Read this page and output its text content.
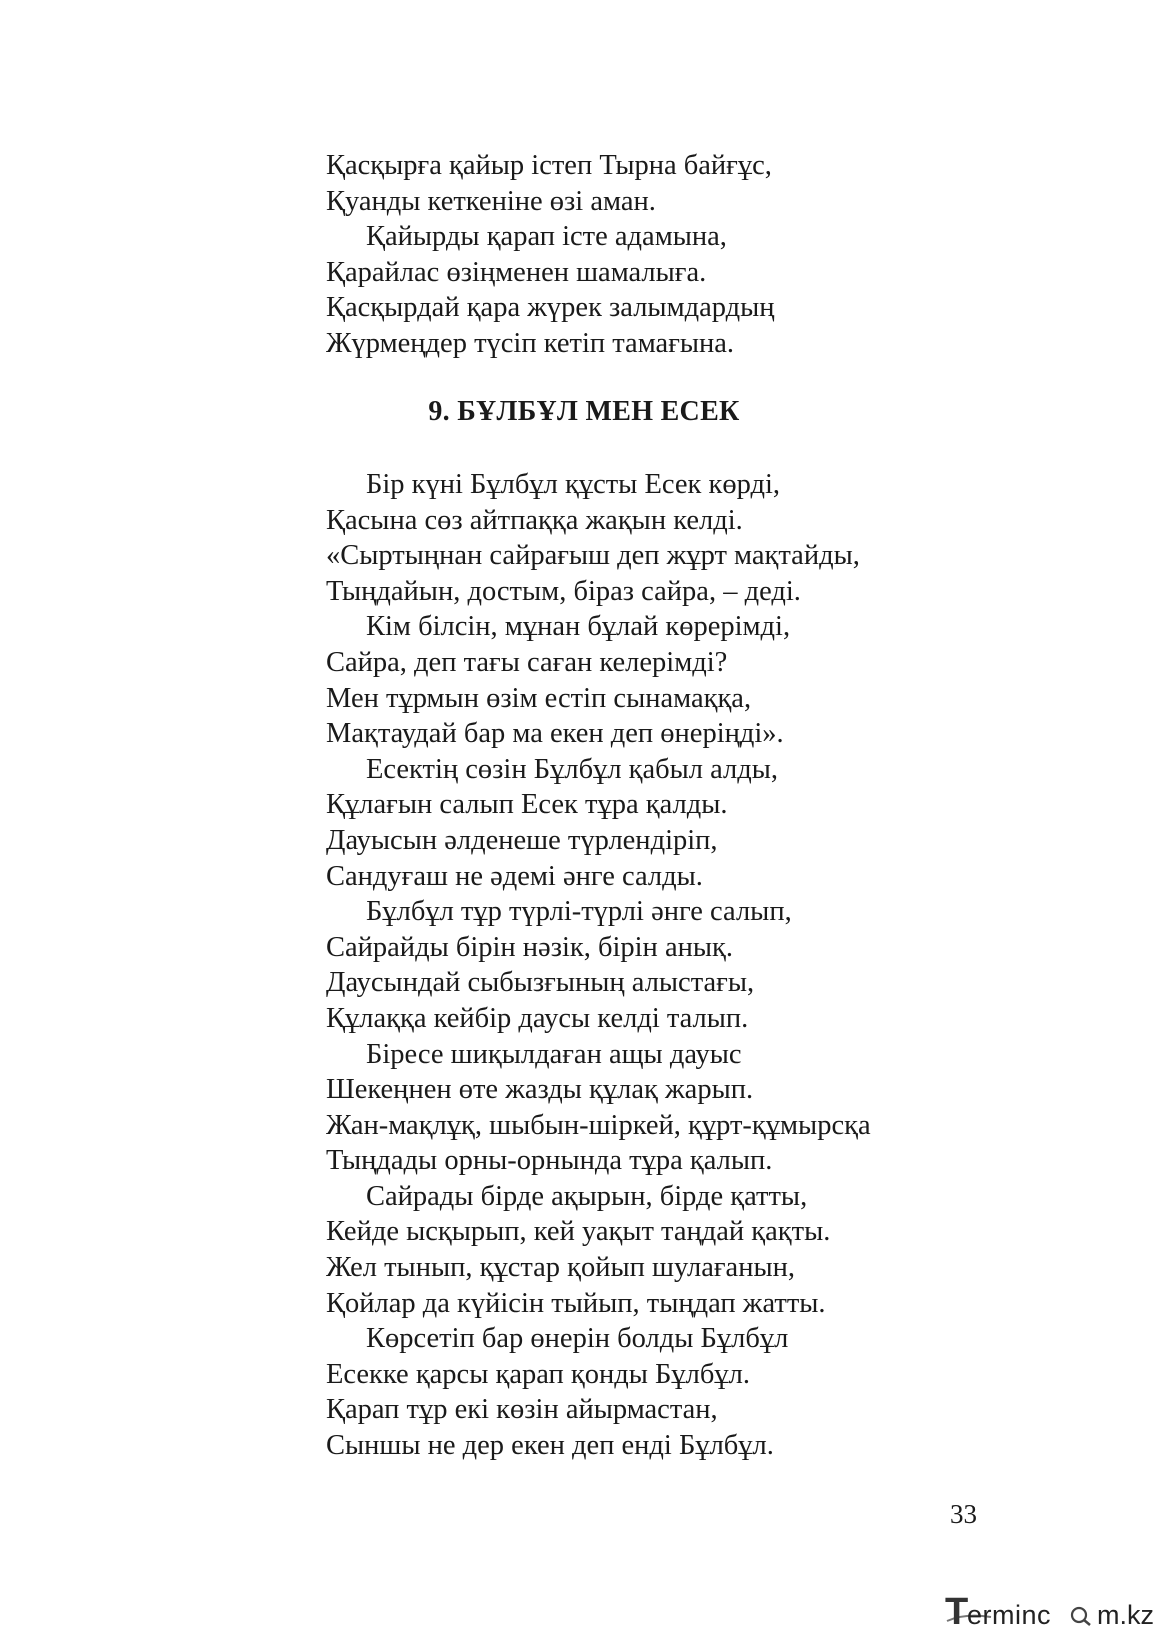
Қасқырға қайыр істеп Тырна байғұс,
Қуанды кеткеніне өзі аман.
Қайырды қарап істе адамына,
Қарайлас өзіңменен шамалыға.
Қасқырдай қара жүрек залымдардың
Жүрмеңдер түсіп кетіп тамағына.
9. БҰЛБҰЛ МЕН ЕСЕК
Бір күні Бұлбұл құсты Есек көрді,
Қасына сөз айтпаққа жақын келді.
«Сыртыңнан сайрағыш деп жұрт мақтайды,
Тыңдайын, достым, біраз сайра, – деді.
Кім білсін, мұнан бұлай көрерімді,
Сайра, деп тағы саған келерімді?
Мен тұрмын өзім естіп сынамаққа,
Мақтаудай бар ма екен деп өнеріңді».
Есектің сөзін Бұлбұл қабыл алды,
Құлағын салып Есек тұра қалды.
Дауысын әлденеше түрлендіріп,
Сандуғаш не әдемі әнге салды.
Бұлбұл тұр түрлі-түрлі әнге салып,
Сайрайды бірін нәзік, бірін анық.
Даусындай сыбызғының алыстағы,
Құлаққа кейбір даусы келді талып.
Біресе шиқылдаған ащы дауыс
Шекеңнен өте жазды құлақ жарып.
Жан-мақлұқ, шыбын-шіркей, құрт-құмырсқа
Тыңдады орны-орнында тұра қалып.
Сайрады бірде ақырын, бірде қатты,
Кейде ысқырып, кей уақыт таңдай қақты.
Жел тынып, құстар қойып шулағанын,
Қойлар да күйісін тыйып, тыңдап жатты.
Көрсетіп бар өнерін болды Бұлбұл
Есекке қарсы қарап қонды Бұлбұл.
Қарап тұр екі көзін айырмастан,
Сыншы не дер екен деп енді Бұлбұл.
33
T
erminc m.kz
